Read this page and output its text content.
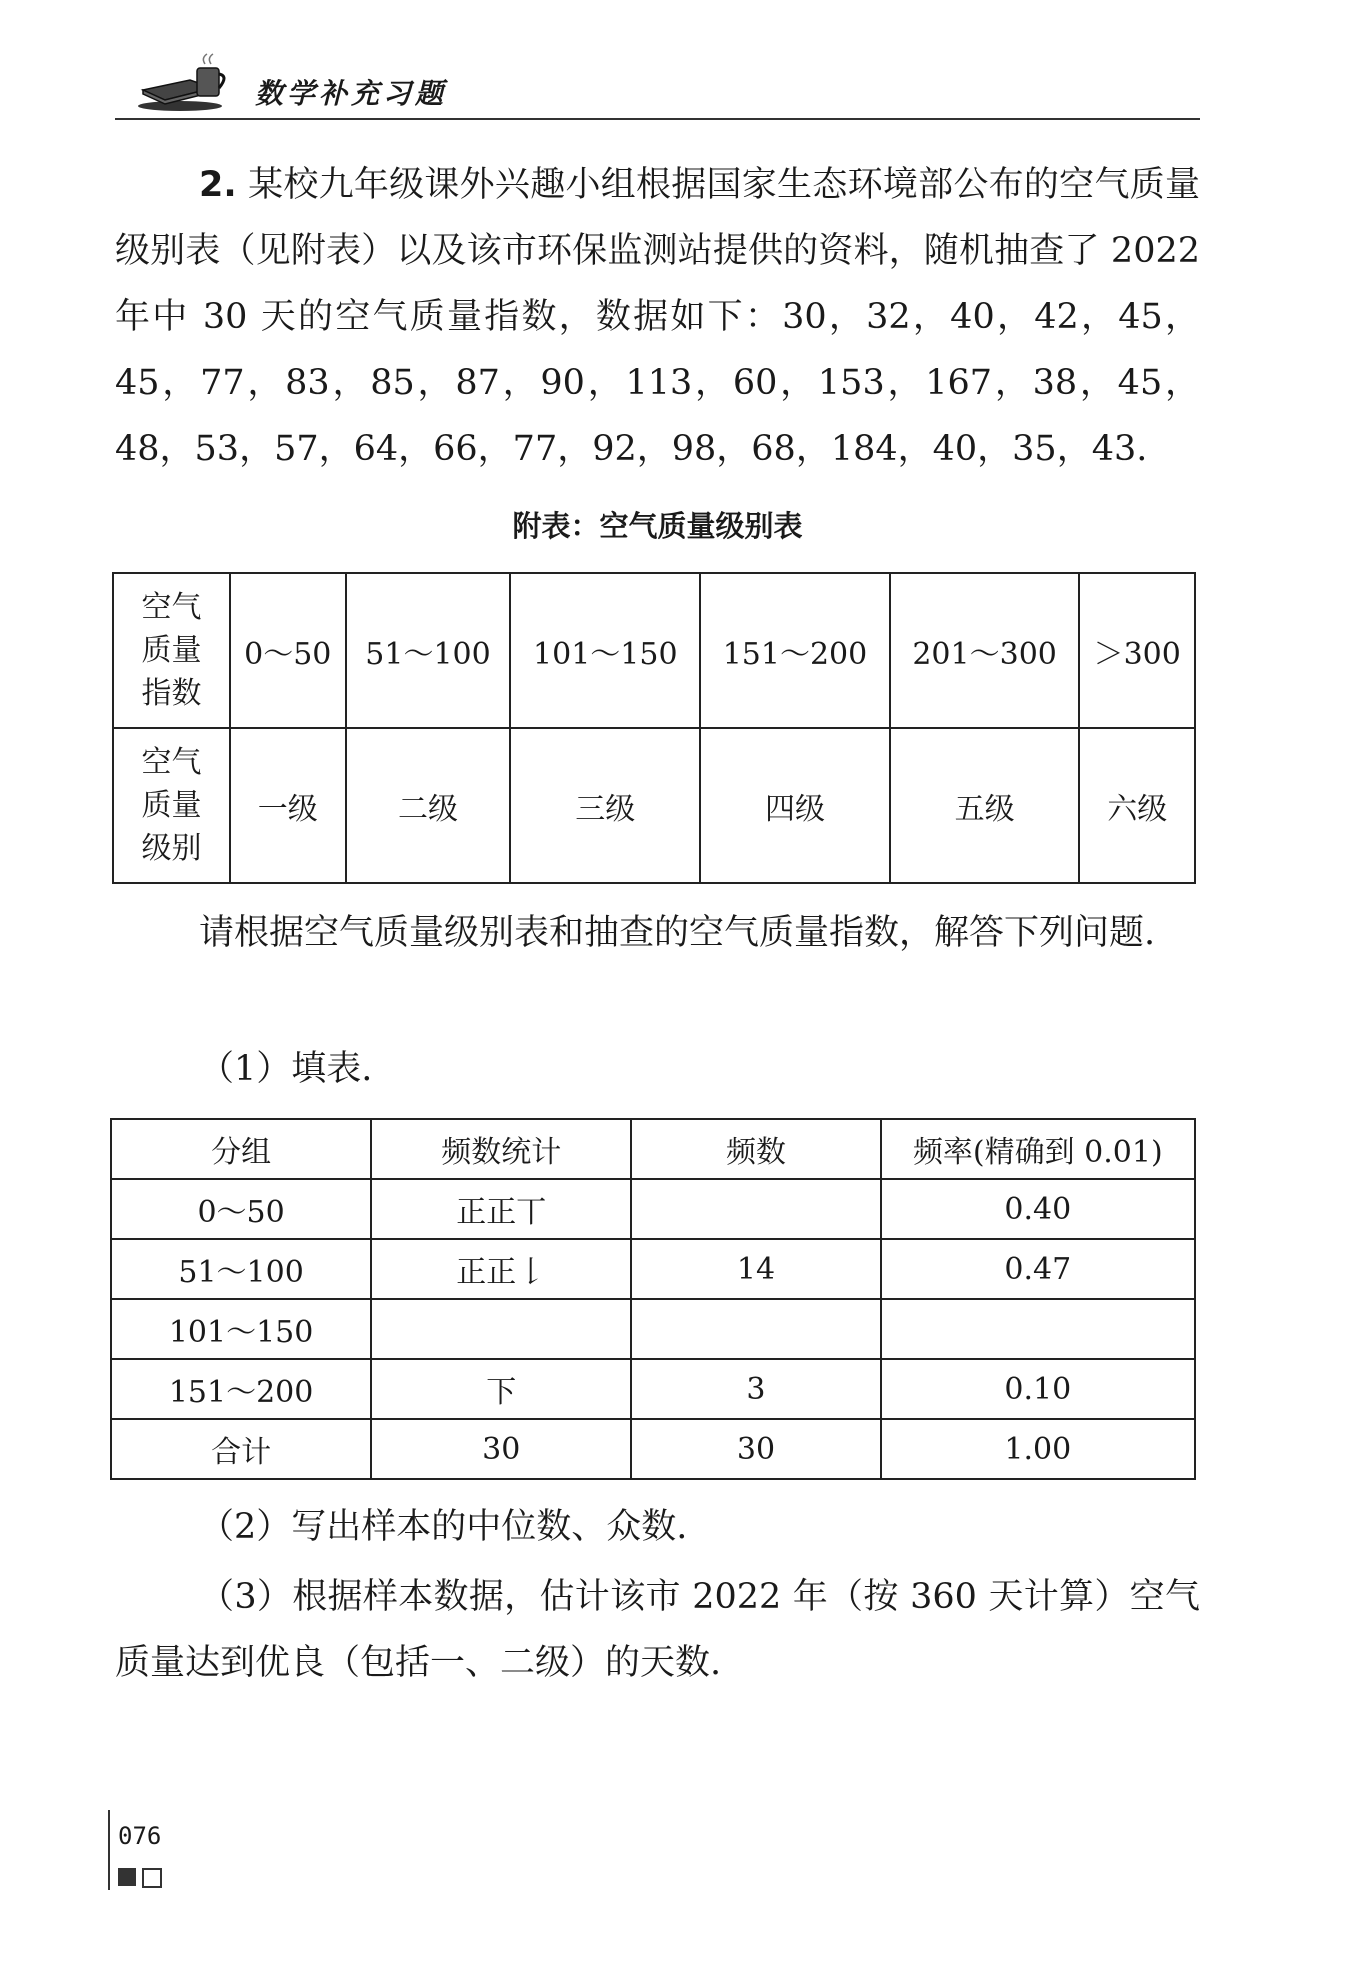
数学补充习题

2. 某校九年级课外兴趣小组根据国家生态环境部公布的空气质量级别表（见附表）以及该市环保监测站提供的资料，随机抽查了 2022 年中 30 天的空气质量指数，数据如下：30，32，40，42，45，45，77，83，85，87，90，113，60，153，167，38，45，48，53，57，64，66，77，92，98，68，184，40，35，43.

附表：空气质量级别表
空气
质量
指数	0～50	51～100	101～150	151～200	201～300	＞300

空气
质量
级别	一级	二级	三级	四级	五级	六级

请根据空气质量级别表和抽查的空气质量指数，解答下列问题.

（1）填表.

分组	频数统计	频数	频率(精确到 0.01)
0～50	正正丅		0.40
51～100	正正𠄌	14	0.47
101～150			
151～200	下	3	0.10
合计	30	30	1.00

（2）写出样本的中位数、众数.

（3）根据样本数据，估计该市 2022 年（按 360 天计算）空气质量达到优良（包括一、二级）的天数.

076
